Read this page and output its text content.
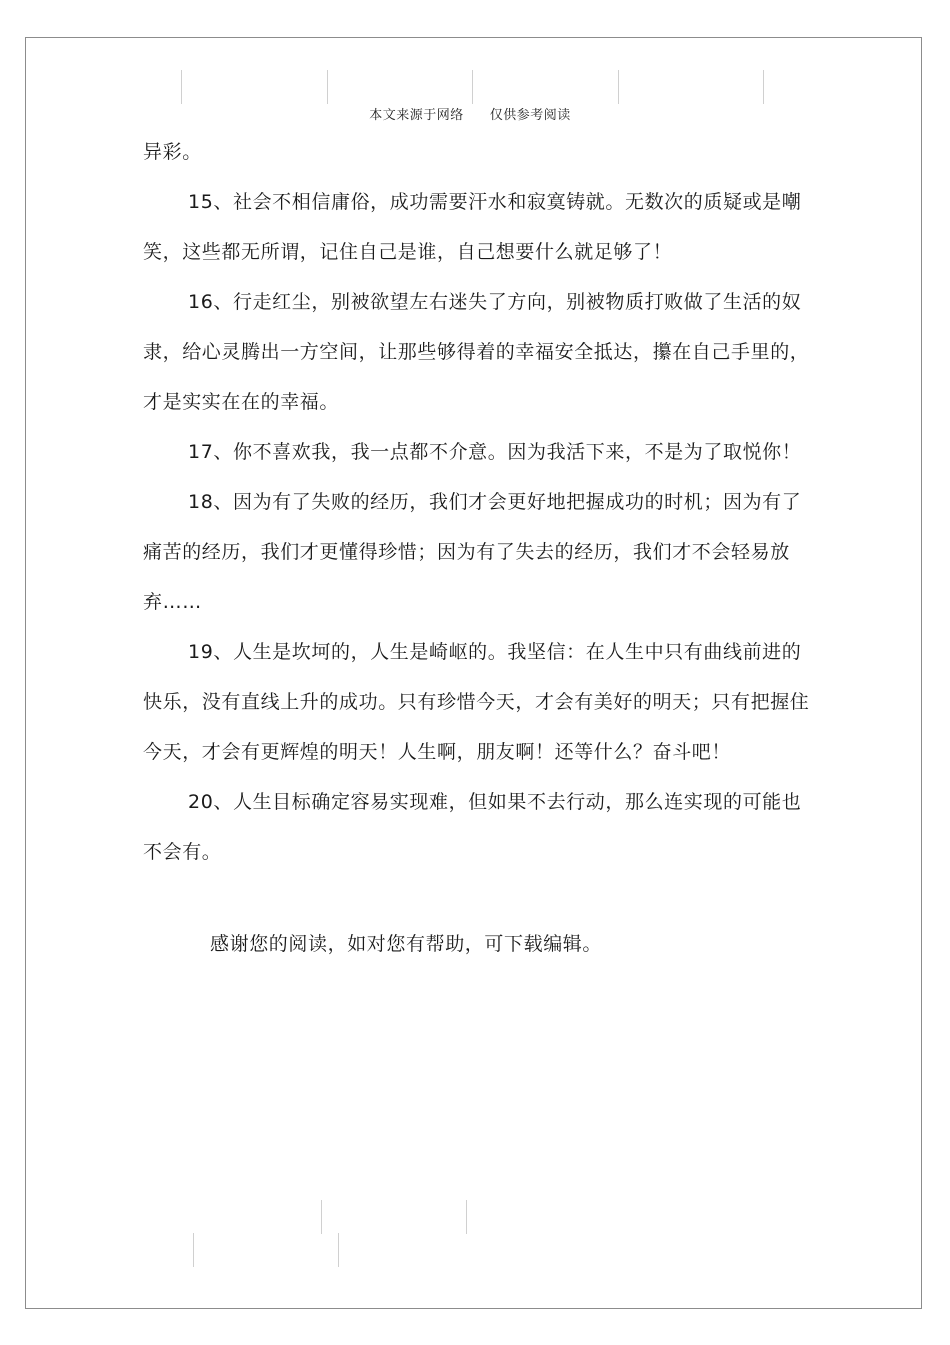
本文来源于网络 仅供参考阅读

异彩。

15、社会不相信庸俗，成功需要汗水和寂寞铸就。无数次的质疑或是嘲笑，这些都无所谓，记住自己是谁，自己想要什么就足够了！

16、行走红尘，别被欲望左右迷失了方向，别被物质打败做了生活的奴隶，给心灵腾出一方空间，让那些够得着的幸福安全抵达，攥在自己手里的，才是实实在在的幸福。

17、你不喜欢我，我一点都不介意。因为我活下来，不是为了取悦你！

18、因为有了失败的经历，我们才会更好地把握成功的时机；因为有了痛苦的经历，我们才更懂得珍惜；因为有了失去的经历，我们才不会轻易放弃……

19、人生是坎坷的，人生是崎岖的。我坚信：在人生中只有曲线前进的快乐，没有直线上升的成功。只有珍惜今天，才会有美好的明天；只有把握住今天，才会有更辉煌的明天！人生啊，朋友啊！还等什么？奋斗吧！

20、人生目标确定容易实现难，但如果不去行动，那么连实现的可能也不会有。

感谢您的阅读，如对您有帮助，可下载编辑。
